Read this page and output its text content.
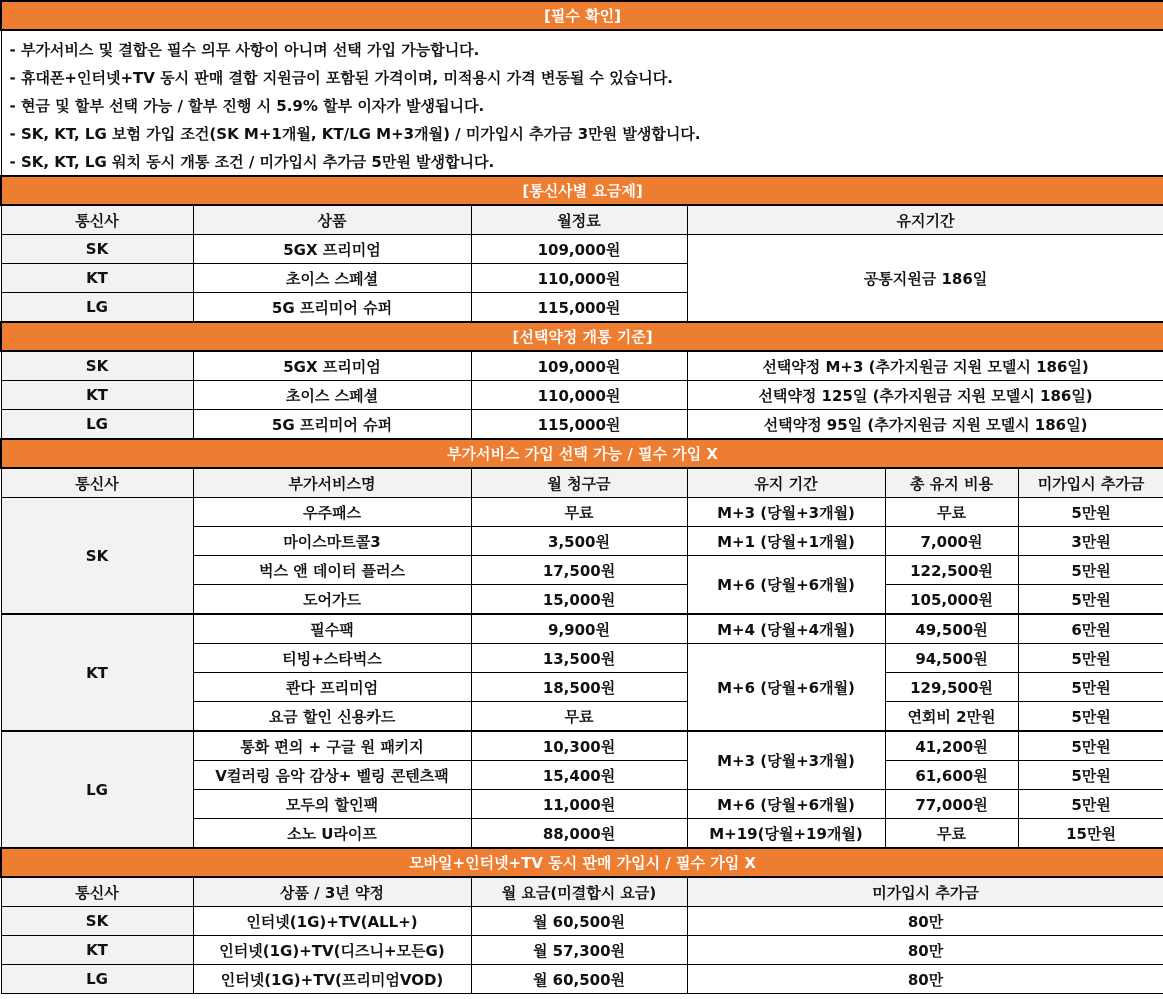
[필수 확인]					
- 부가서비스 및 결합은 필수 의무 사항이 아니며 선택 가입 가능합니다.					
- 휴대폰+인터넷+TV 동시 판매 결합 지원금이 포함된 가격이며, 미적용시 가격 변동될 수 있습니다.					
- 현금 및 할부 선택 가능 / 할부 진행 시 5.9% 할부 이자가 발생됩니다.					
- SK, KT, LG 보험 가입 조건(SK M+1개월, KT/LG M+3개월) / 미가입시 추가금 3만원 발생합니다.					
- SK, KT, LG 워치 동시 개통 조건 / 미가입시 추가금 5만원 발생합니다.					
[통신사별 요금제]					
통신사	상품	월정료	유지기간		
SK	5GX 프리미엄	109,000원	공통지원금 186일		
KT	초이스 스페셜	110,000원			
LG	5G 프리미어 슈퍼	115,000원			
[선택약정 개통 기준]					
SK	5GX 프리미엄	109,000원	선택약정 M+3 (추가지원금 지원 모델시 186일)		
KT	초이스 스페셜	110,000원	선택약정 125일 (추가지원금 지원 모델시 186일)		
LG	5G 프리미어 슈퍼	115,000원	선택약정 95일 (추가지원금 지원 모델시 186일)		
부가서비스 가입 선택 가능 / 필수 가입 X					
통신사	부가서비스명	월 청구금	유지 기간	총 유지 비용	미가입시 추가금
SK	우주패스	무료	M+3 (당월+3개월)	무료	5만원
	마이스마트콜3	3,500원	M+1 (당월+1개월)	7,000원	3만원
	벅스 앤 데이터 플러스	17,500원	M+6 (당월+6개월)	122,500원	5만원
	도어가드	15,000원		105,000원	5만원
KT	필수팩	9,900원	M+4 (당월+4개월)	49,500원	6만원
	티빙+스타벅스	13,500원	M+6 (당월+6개월)	94,500원	5만원
	콴다 프리미엄	18,500원		129,500원	5만원
	요금 할인 신용카드	무료		연회비 2만원	5만원
LG	통화 편의 + 구글 원 패키지	10,300원	M+3 (당월+3개월)	41,200원	5만원
	V컬러링 음악 감상+ 벨링 콘텐츠팩	15,400원		61,600원	5만원
	모두의 할인팩	11,000원	M+6 (당월+6개월)	77,000원	5만원
	소노 U라이프	88,000원	M+19(당월+19개월)	무료	15만원
모바일+인터넷+TV 동시 판매 가입시 / 필수 가입 X					
통신사	상품 / 3년 약정	월 요금(미결합시 요금)	미가입시 추가금		
SK	인터넷(1G)+TV(ALL+)	월 60,500원	80만		
KT	인터넷(1G)+TV(디즈니+모든G)	월 57,300원	80만		
LG	인터넷(1G)+TV(프리미엄VOD)	월 60,500원	80만		
